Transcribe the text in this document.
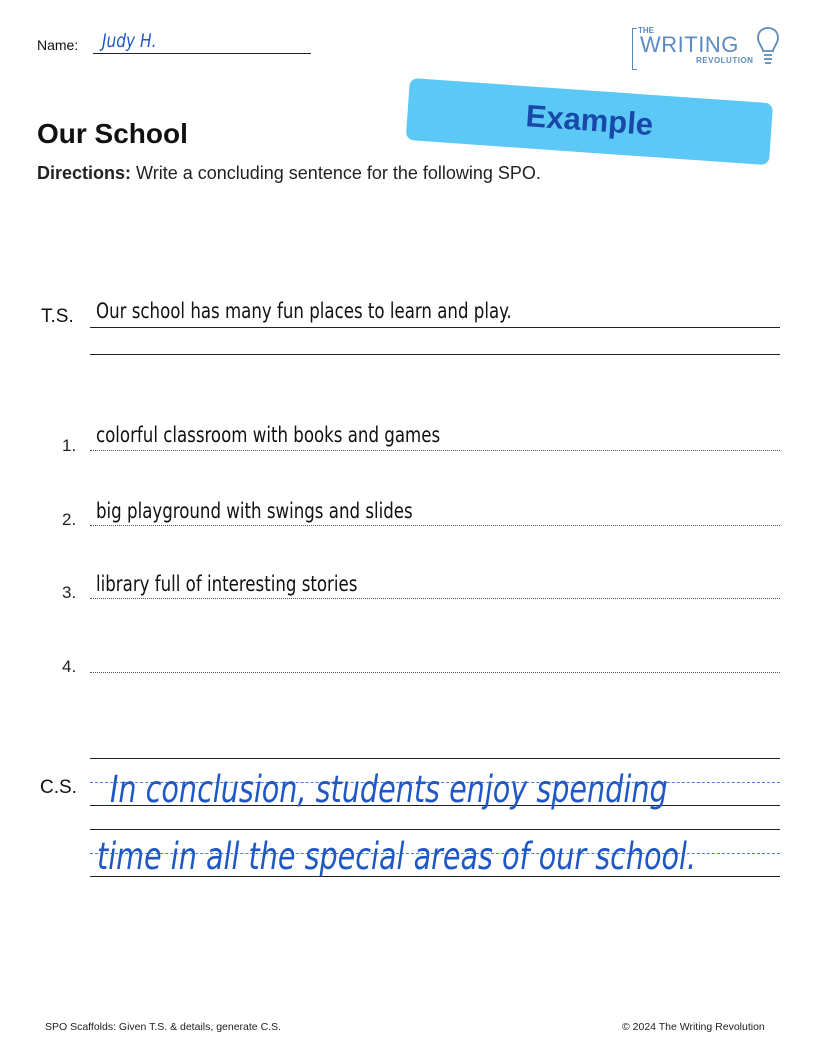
Name: Judy H.	THE
WRITING
REVOLUTION
Example
Our School
Directions: Write a concluding sentence for the following SPO.
T.S. Our school has many fun places to learn and play.
1. colorful classroom with books and games
2. big playground with swings and slides
3. library full of interesting stories
4.
C.S. In conclusion, students enjoy spending
time in all the special areas of our school.
SPO Scaffolds: Given T.S. & details, generate C.S.	© 2024 The Writing Revolution
